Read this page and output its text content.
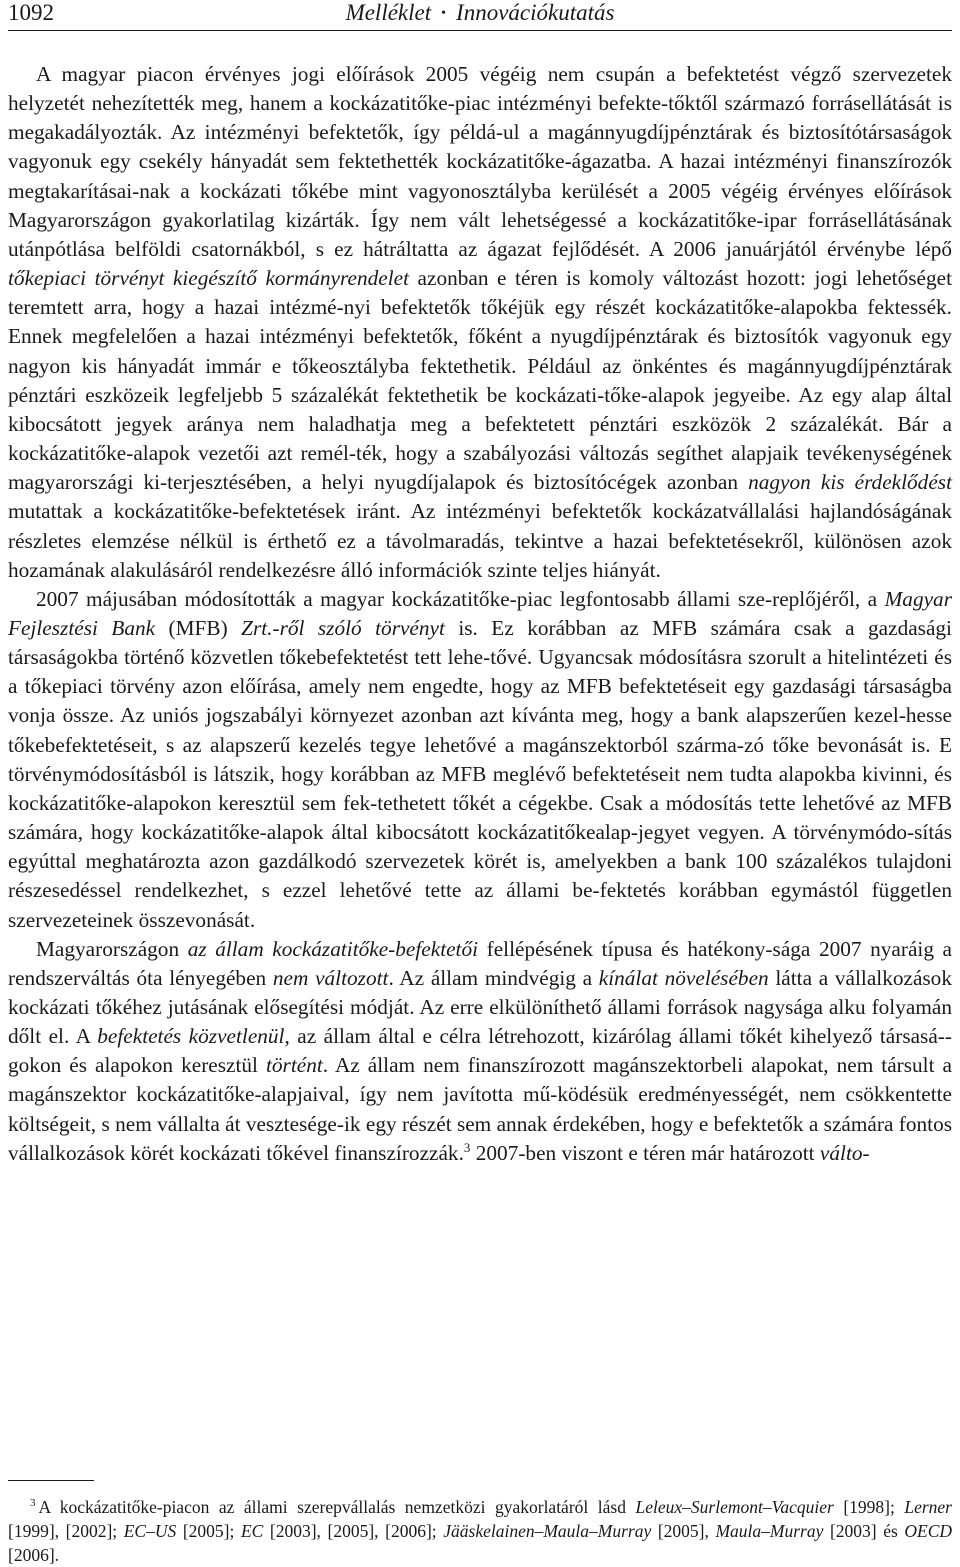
1092	Melléklet • Innovációkutatás

A magyar piacon érvényes jogi előírások 2005 végéig nem csupán a befektetést végző szervezetek helyzetét nehezítették meg, hanem a kockázatitőke-piac intézményi befekte-tőktől származó forrásellátását is megakadályozták. Az intézményi befektetők, így példá-ul a magánnyugdíjpénztárak és biztosítótársaságok vagyonuk egy csekély hányadát sem fektethették kockázatitőke-ágazatba. A hazai intézményi finanszírozók megtakarításai-nak a kockázati tőkébe mint vagyonosztályba kerülését a 2005 végéig érvényes előírások Magyarországon gyakorlatilag kizárták. Így nem vált lehetségessé a kockázatitőke-ipar forrásellátásának utánpótlása belföldi csatornákból, s ez hátráltatta az ágazat fejlődését. A 2006 januárjától érvénybe lépő tőkepiaci törvényt kiegészítő kormányrendelet azonban e téren is komoly változást hozott: jogi lehetőséget teremtett arra, hogy a hazai intézmé-nyi befektetők tőkéjük egy részét kockázatitőke-alapokba fektessék. Ennek megfelelően a hazai intézményi befektetők, főként a nyugdíjpénztárak és biztosítók vagyonuk egy nagyon kis hányadát immár e tőkeosztályba fektethetik. Például az önkéntes és magánnyugdíjpénztárak pénztári eszközeik legfeljebb 5 százalékát fektethetik be kockázati-tőke-alapok jegyeibe. Az egy alap által kibocsátott jegyek aránya nem haladhatja meg a befektetett pénztári eszközök 2 százalékát. Bár a kockázatitőke-alapok vezetői azt remél-ték, hogy a szabályozási változás segíthet alapjaik tevékenységének magyarországi ki-terjesztésében, a helyi nyugdíjalapok és biztosítócégek azonban nagyon kis érdeklődést mutattak a kockázatitőke-befektetések iránt. Az intézményi befektetők kockázatvállalási hajlandóságának részletes elemzése nélkül is érthető ez a távolmaradás, tekintve a hazai befektetésekről, különösen azok hozamának alakulásáról rendelkezésre álló információk szinte teljes hiányát.

2007 májusában módosították a magyar kockázatitőke-piac legfontosabb állami sze-replőjéről, a Magyar Fejlesztési Bank (MFB) Zrt.-ről szóló törvényt is. Ez korábban az MFB számára csak a gazdasági társaságokba történő közvetlen tőkebefektetést tett lehe-tővé. Ugyancsak módosításra szorult a hitelintézeti és a tőkepiaci törvény azon előírása, amely nem engedte, hogy az MFB befektetéseit egy gazdasági társaságba vonja össze. Az uniós jogszabályi környezet azonban azt kívánta meg, hogy a bank alapszerűen kezel-hesse tőkebefektetéseit, s az alapszerű kezelés tegye lehetővé a magánszektorból szárma-zó tőke bevonását is. E törvénymódosításból is látszik, hogy korábban az MFB meglévő befektetéseit nem tudta alapokba kivinni, és kockázatitőke-alapokon keresztül sem fek-tethetett tőkét a cégekbe. Csak a módosítás tette lehetővé az MFB számára, hogy kockázatitőke-alapok által kibocsátott kockázatitőkealap-jegyet vegyen. A törvénymódo-sítás egyúttal meghatározta azon gazdálkodó szervezetek körét is, amelyekben a bank 100 százalékos tulajdoni részesedéssel rendelkezhet, s ezzel lehetővé tette az állami be-fektetés korábban egymástól független szervezeteinek összevonását.

Magyarországon az állam kockázatitőke-befektetői fellépésének típusa és hatékony-sága 2007 nyaráig a rendszerváltás óta lényegében nem változott. Az állam mindvégig a kínálat növelésében látta a vállalkozások kockázati tőkéhez jutásának elősegítési módját. Az erre elkülöníthető állami források nagysága alku folyamán dőlt el. A befektetés közvetlenül, az állam által e célra létrehozott, kizárólag állami tőkét kihelyező társasá-gokon és alapokon keresztül történt. Az állam nem finanszírozott magánszektorbeli alapokat, nem társult a magánszektor kockázatitőke-alapjaival, így nem javította mű-ködésük eredményességét, nem csökkentette költségeit, s nem vállalta át vesztesége-ik egy részét sem annak érdekében, hogy e befektetők a számára fontos vállalkozások körét kockázati tőkével finanszírozzák.$^3$ 2007-ben viszont e téren már határozott válto-

$^3$ A kockázatitőke-piacon az állami szerepvállalás nemzetközi gyakorlatáról lásd Leleux–Surlemont–Vacquier [1998]; Lerner [1999], [2002]; EC–US [2005]; EC [2003], [2005], [2006]; Jääskelainen–Maula–Murray [2005], Maula–Murray [2003] és OECD [2006].
